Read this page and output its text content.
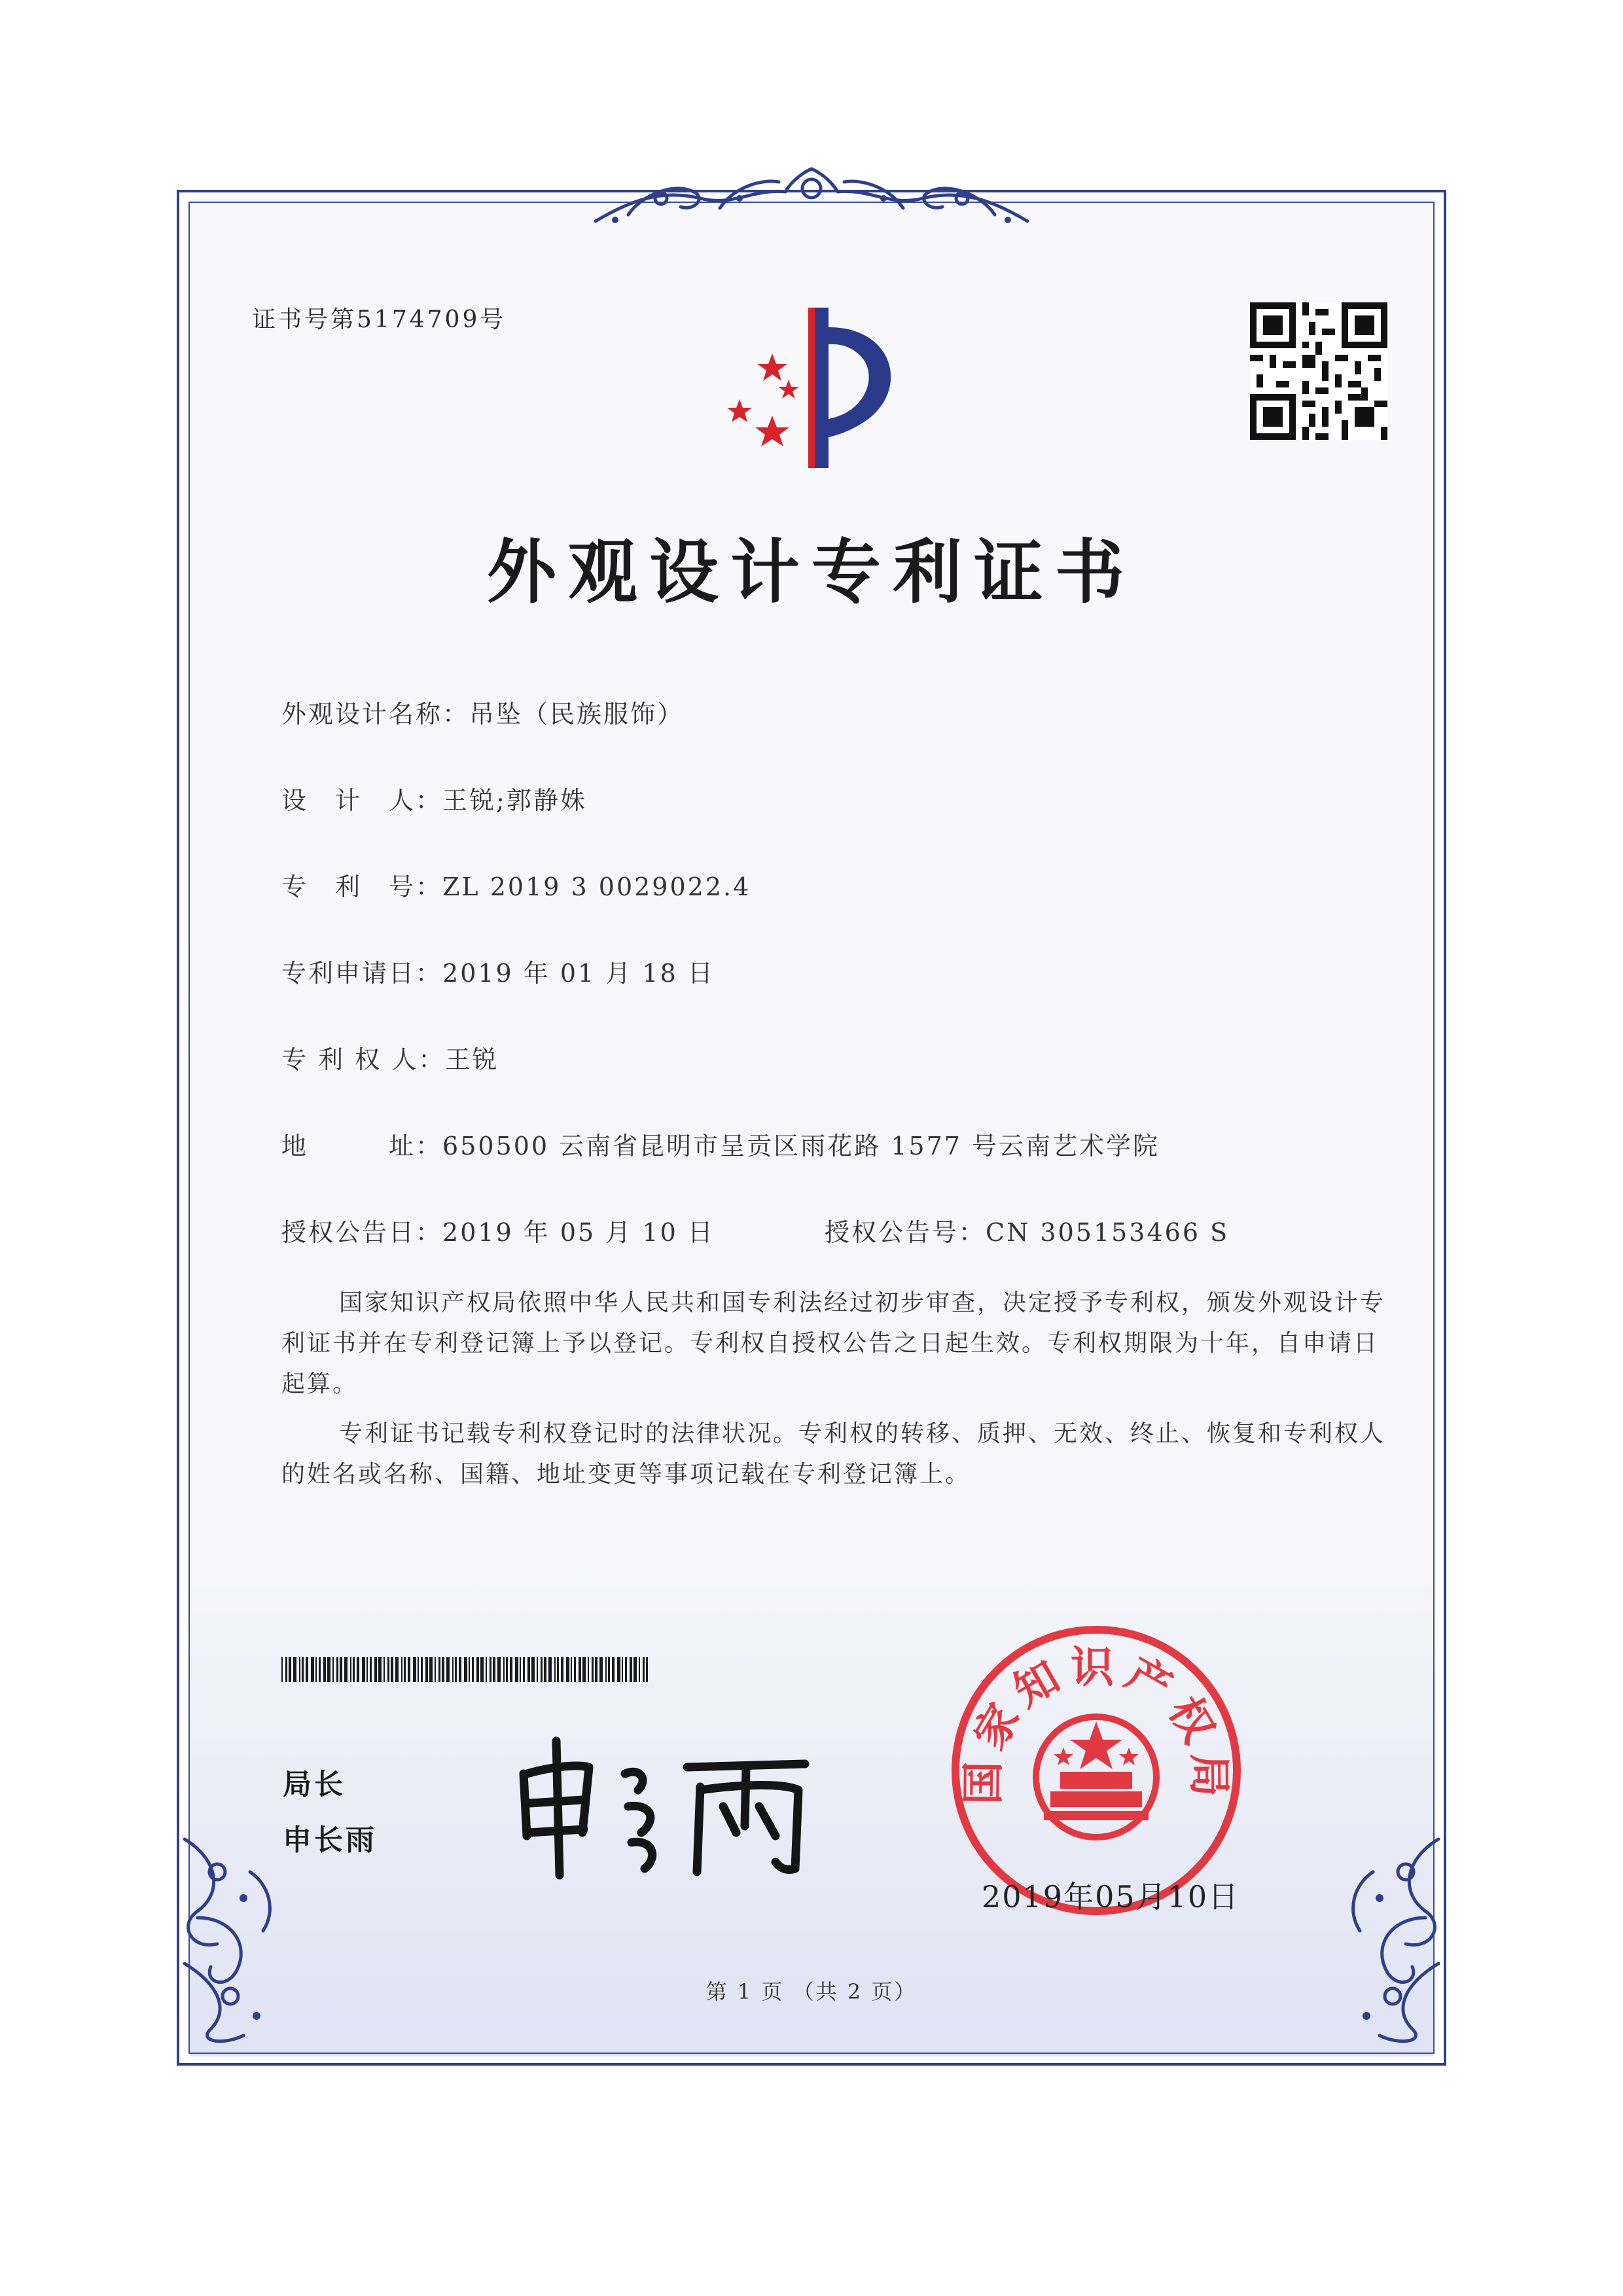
证书号第5174709号
外观设计专利证书
外观设计名称：吊坠（民族服饰）
设　计　人：王锐;郭静姝
专　利　号：ZL 2019 3 0029022.4
专利申请日：2019 年 01 月 18 日
专 利 权 人：王锐
地　　　址：650500 云南省昆明市呈贡区雨花路 1577 号云南艺术学院
授权公告日：2019 年 05 月 10 日	授权公告号：CN 305153466 S
国家知识产权局依照中华人民共和国专利法经过初步审查，决定授予专利权，颁发外观设计专利证书并在专利登记簿上予以登记。专利权自授权公告之日起生效。专利权期限为十年，自申请日起算。
专利证书记载专利权登记时的法律状况。专利权的转移、质押、无效、终止、恢复和专利权人的姓名或名称、国籍、地址变更等事项记载在专利登记簿上。
局长
申长雨
国家知识产权局
2019年05月10日
第 1 页 （共 2 页）
